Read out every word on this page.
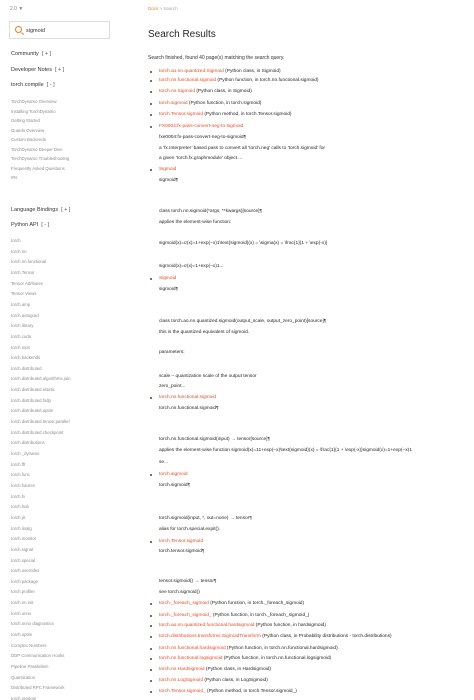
2.0 ▼
sigmoid
Community [ + ]
Developer Notes [ + ]
torch.compile [ - ]
TorchDynamo Overview
Installing TorchDynamo
Getting Started
Guards Overview
Custom Backends
TorchDynamo Deeper Dive
TorchDynamo Troubleshooting
Frequently Asked Questions
IRs
Language Bindings [ + ]
Python API [ - ]
torch
torch.nn
torch.nn.functional
torch.Tensor
Tensor Attributes
Tensor Views
torch.amp
torch.autograd
torch.library
torch.cuda
torch.mps
torch.backends
torch.distributed
torch.distributed.algorithms.join
torch.distributed.elastic
torch.distributed.fsdp
torch.distributed.optim
torch.distributed.tensor.parallel
torch.distributed.checkpoint
torch.distributions
torch._dynamo
torch.fft
torch.func
torch.futures
torch.fx
torch.hub
torch.jit
torch.linalg
torch.monitor
torch.signal
torch.special
torch.overrides
torch.package
torch.profiler
torch.nn.init
torch.onnx
torch.onnx diagnostics
torch.optim
Complex Numbers
DDP Communication Hooks
Pipeline Parallelism
Quantization
Distributed RPC Framework
torch.random
Docs > Search
Search Results
Search finished, found 40 page(s) matching the search query.
torch.ao.nn.quantized.Sigmoid (Python class, in Sigmoid)
torch.nn.functional.sigmoid (Python function, in torch.nn.functional.sigmoid)
torch.nn.Sigmoid (Python class, in Sigmoid)
torch.sigmoid (Python function, in torch.sigmoid)
torch.Tensor.sigmoid (Python method, in torch.Tensor.sigmoid)
FX0004:fx-pass-convert-neg-to-sigmoid
fxe0004:fx-pass-convert-neg-to-sigmoid¶
a ‘fx.Interpreter’ based pass to convert all ‘torch.neg’ calls to ‘torch.sigmoid’ for
a given ‘torch.fx.graphmodule’ object....
Sigmoid
sigmoid¶
class torch.nn.sigmoid(*args, **kwargs)[source]¶
applies the element-wise function:
sigmoid(x)=σ(x)=1+exp(−x)1\text{sigmoid}(x) = \sigma(x) = \frac{1}{1 + \exp(-x)}
sigmoid(x)=σ(x)=1+exp(−x)1...
Sigmoid
sigmoid¶
class torch.ao.nn.quantized.sigmoid(output_scale, output_zero_point)[source]¶
this is the quantized equivalent of sigmoid.
parameters:
scale – quantization scale of the output tensor
zero_point...
torch.nn.functional.sigmoid
torch.nn.functional.sigmoid¶
torch.nn.functional.sigmoid(input) → tensor[source]¶
applies the element-wise function sigmoid(x)=11+exp(−x)\text{sigmoid}(x) = \frac{1}{1 + \exp(-x)}sigmoid(x)=1+exp(−x)1
se...
torch.sigmoid
torch.sigmoid¶
torch.sigmoid(input, *, out=none) → tensor¶
alias for torch.special.expit().
torch.Tensor.sigmoid
torch.tensor.sigmoid¶
tensor.sigmoid() → tensor¶
see torch.sigmoid()
torch._foreach_sigmoid (Python function, in torch._foreach_sigmoid)
torch._foreach_sigmoid_ (Python function, in torch._foreach_sigmoid_)
torch.ao.nn.quantized.functional.hardsigmoid (Python function, in hardsigmoid)
torch.distributions.transforms.SigmoidTransform (Python class, in Probability distributions - torch.distributions)
torch.nn.functional.hardsigmoid (Python function, in torch.nn.functional.hardsigmoid)
torch.nn.functional.logsigmoid (Python function, in torch.nn.functional.logsigmoid)
torch.nn.Hardsigmoid (Python class, in Hardsigmoid)
torch.nn.LogSigmoid (Python class, in LogSigmoid)
torch.Tensor.sigmoid_ (Python method, in torch.Tensor.sigmoid_)
